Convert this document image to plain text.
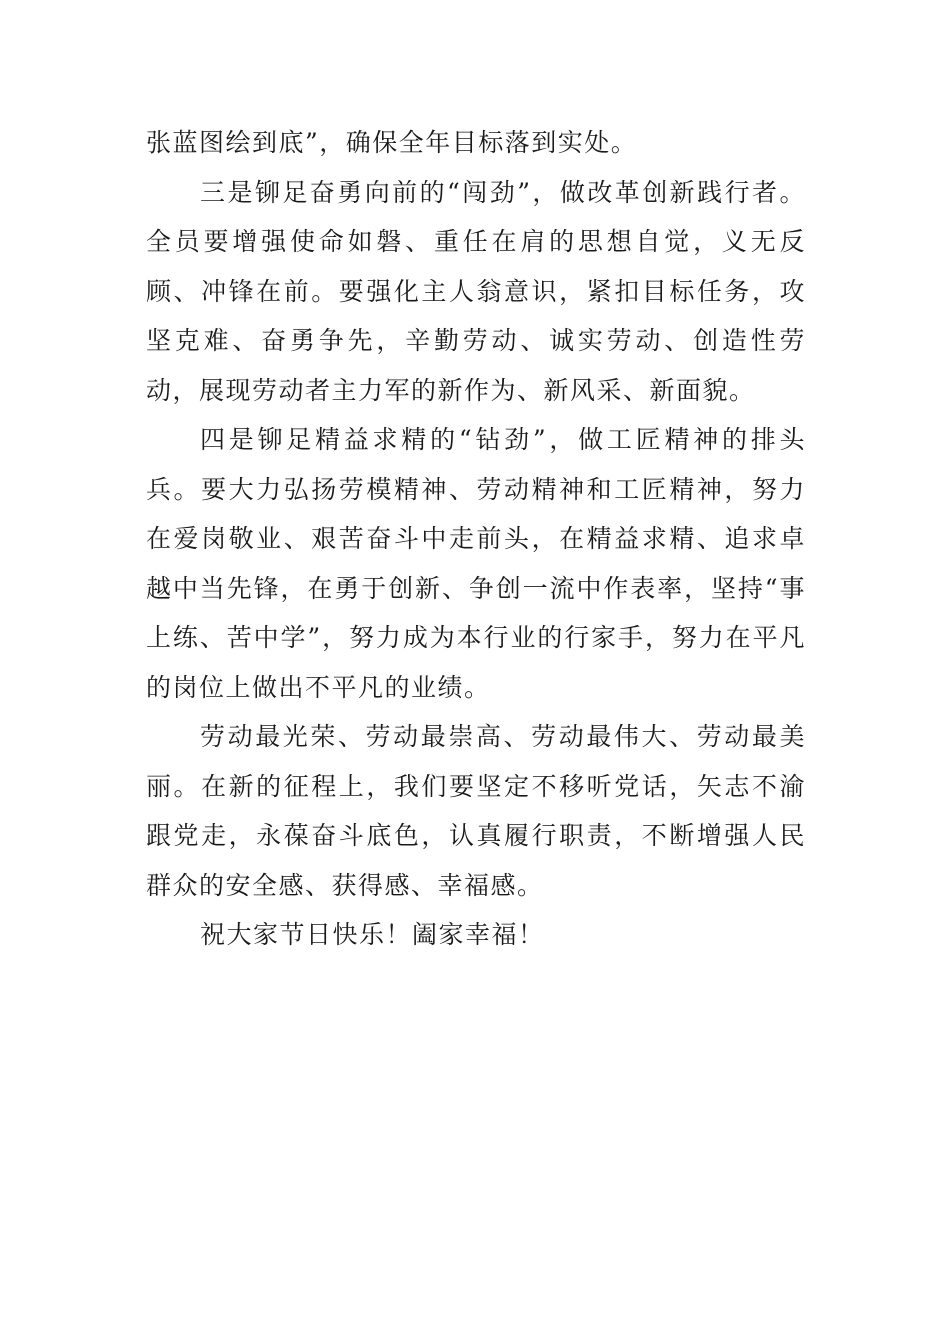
张蓝图绘到底”，确保全年目标落到实处。

三是铆足奋勇向前的“闯劲”，做改革创新践行者。全员要增强使命如磐、重任在肩的思想自觉，义无反顾、冲锋在前。要强化主人翁意识，紧扣目标任务，攻坚克难、奋勇争先，辛勤劳动、诚实劳动、创造性劳动，展现劳动者主力军的新作为、新风采、新面貌。

四是铆足精益求精的“钻劲”，做工匠精神的排头兵。要大力弘扬劳模精神、劳动精神和工匠精神，努力在爱岗敬业、艰苦奋斗中走前头，在精益求精、追求卓越中当先锋，在勇于创新、争创一流中作表率，坚持“事上练、苦中学”，努力成为本行业的行家手，努力在平凡的岗位上做出不平凡的业绩。

劳动最光荣、劳动最崇高、劳动最伟大、劳动最美丽。在新的征程上，我们要坚定不移听党话，矢志不渝跟党走，永葆奋斗底色，认真履行职责，不断增强人民群众的安全感、获得感、幸福感。

祝大家节日快乐！阖家幸福！
